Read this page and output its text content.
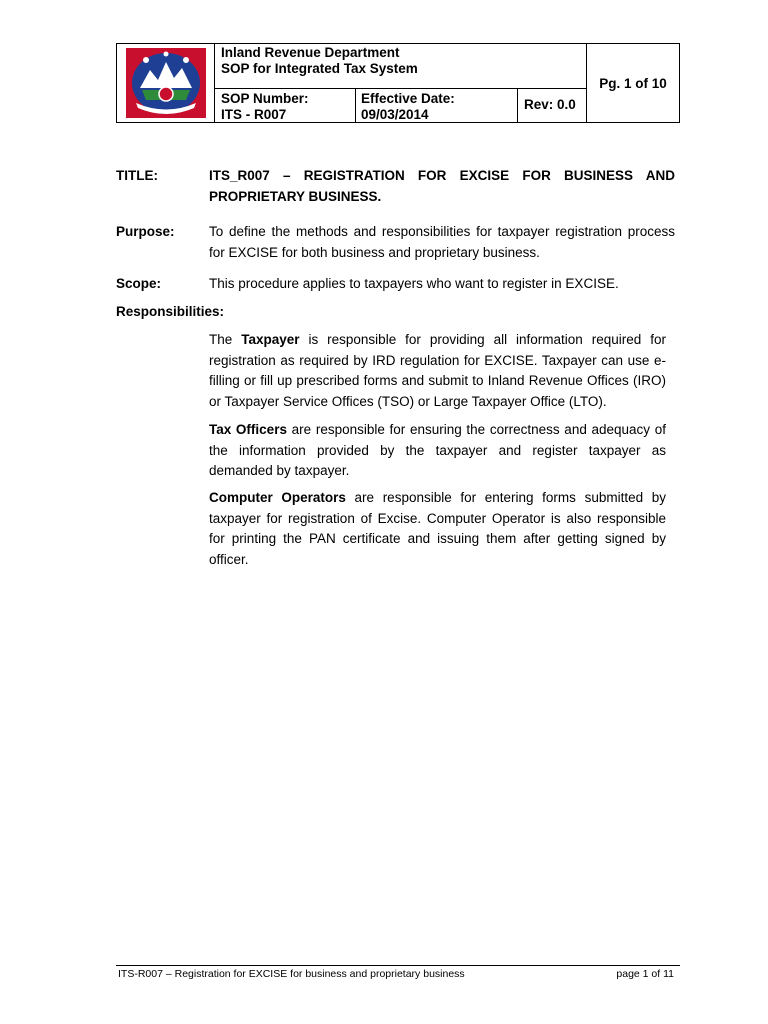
Inland Revenue Department
SOP for Integrated Tax System
Pg. 1 of 10
SOP Number:
ITS - R007
Effective Date:
09/03/2014
Rev: 0.0
TITLE:	ITS_R007 – REGISTRATION FOR EXCISE FOR BUSINESS AND PROPRIETARY BUSINESS.
Purpose:	To define the methods and responsibilities for taxpayer registration process for EXCISE for both business and proprietary business.
Scope:	This procedure applies to taxpayers who want to register in EXCISE.
Responsibilities:
The Taxpayer is responsible for providing all information required for registration as required by IRD regulation for EXCISE. Taxpayer can use e-filling or fill up prescribed forms and submit to Inland Revenue Offices (IRO) or Taxpayer Service Offices (TSO) or Large Taxpayer Office (LTO).
Tax Officers are responsible for ensuring the correctness and adequacy of the information provided by the taxpayer and register taxpayer as demanded by taxpayer.
Computer Operators are responsible for entering forms submitted by taxpayer for registration of Excise. Computer Operator is also responsible for printing the PAN certificate and issuing them after getting signed by officer.
ITS-R007 – Registration for EXCISE for business and proprietary business	page 1 of 11
